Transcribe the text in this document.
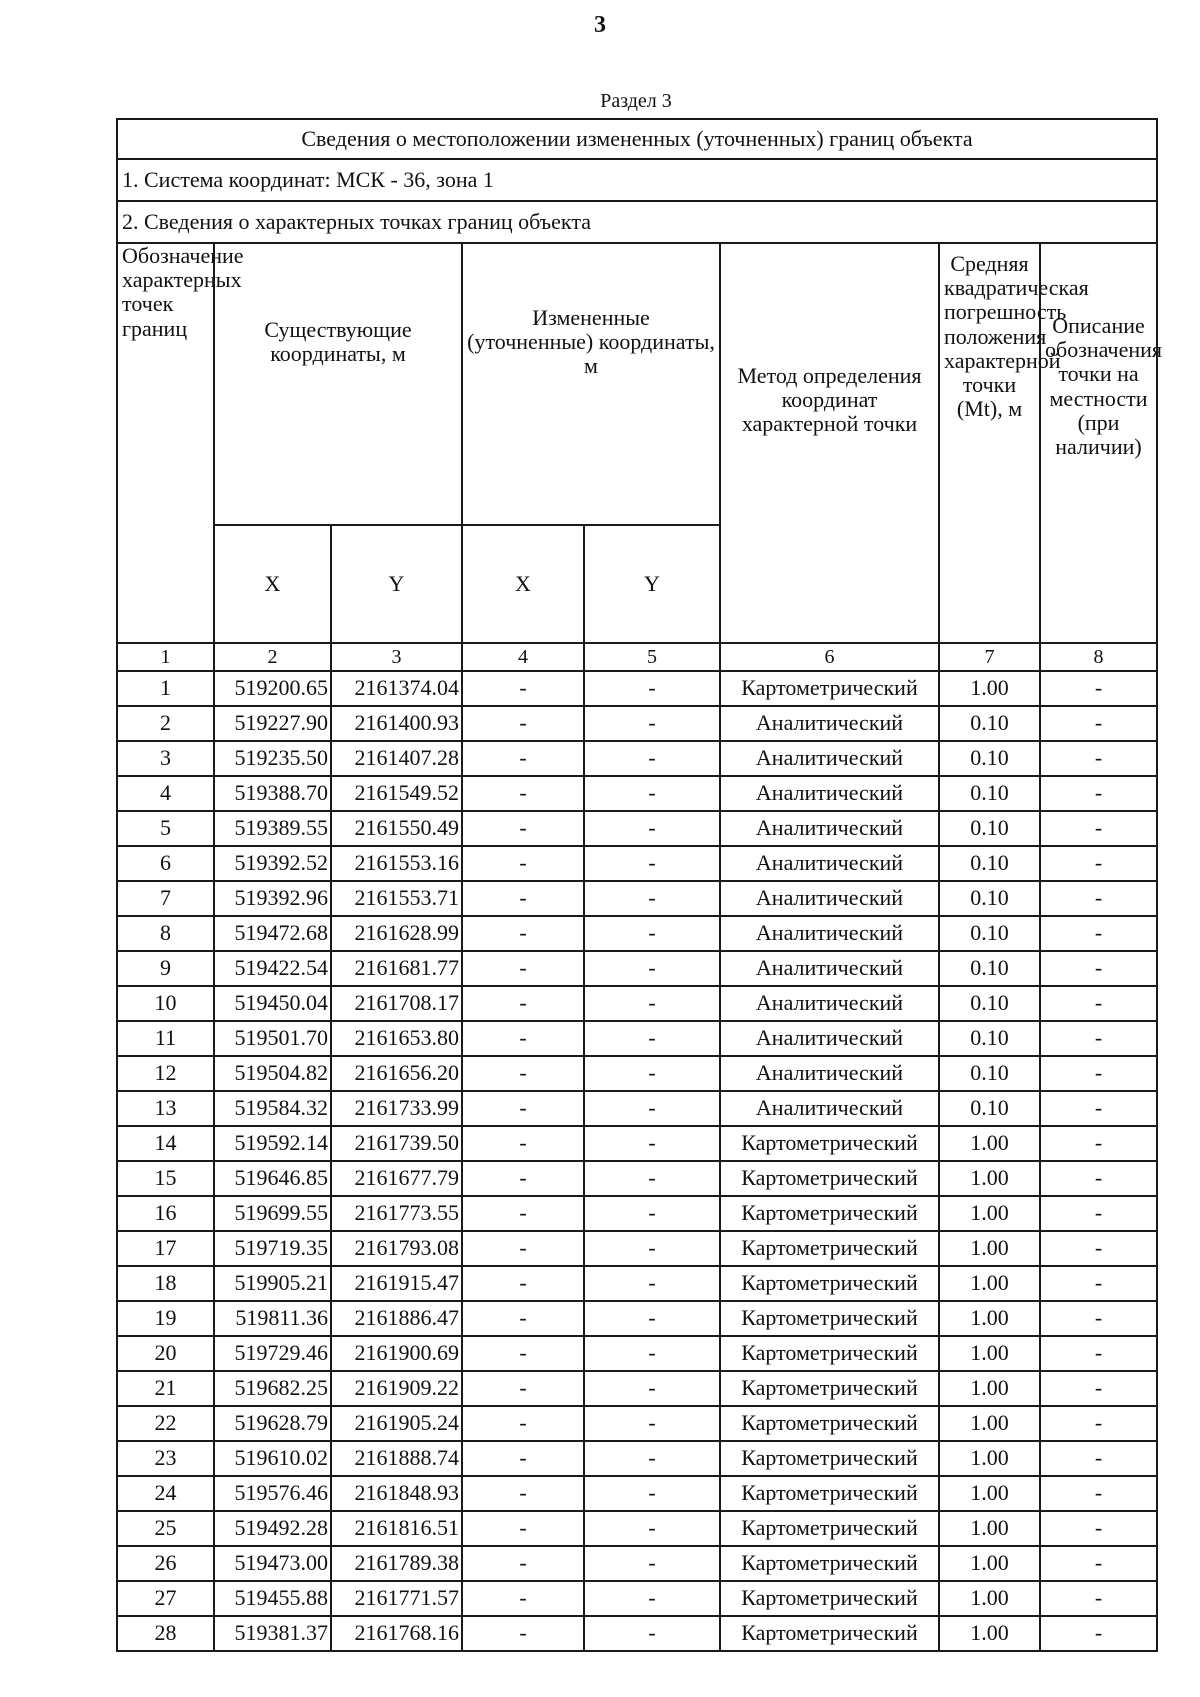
3
Раздел 3
Сведения о местоположении измененных (уточненных) границ объекта							
1. Система координат: МСК - 36, зона 1							
2. Сведения о характерных точках границ объекта							
Обозначение характерных точек границ	Существующие координаты, м		Измененные (уточненные) координаты, м		Метод определения координат характерной точки	Средняя квадратическая погрешность положения характерной точки (Mt), м	Описание обозначения точки на местности (при наличии)
	X	Y	X	Y			
1	2	3	4	5	6	7	8
1	519200.65	2161374.04	-	-	Картометрический	1.00	-
2	519227.90	2161400.93	-	-	Аналитический	0.10	-
3	519235.50	2161407.28	-	-	Аналитический	0.10	-
4	519388.70	2161549.52	-	-	Аналитический	0.10	-
5	519389.55	2161550.49	-	-	Аналитический	0.10	-
6	519392.52	2161553.16	-	-	Аналитический	0.10	-
7	519392.96	2161553.71	-	-	Аналитический	0.10	-
8	519472.68	2161628.99	-	-	Аналитический	0.10	-
9	519422.54	2161681.77	-	-	Аналитический	0.10	-
10	519450.04	2161708.17	-	-	Аналитический	0.10	-
11	519501.70	2161653.80	-	-	Аналитический	0.10	-
12	519504.82	2161656.20	-	-	Аналитический	0.10	-
13	519584.32	2161733.99	-	-	Аналитический	0.10	-
14	519592.14	2161739.50	-	-	Картометрический	1.00	-
15	519646.85	2161677.79	-	-	Картометрический	1.00	-
16	519699.55	2161773.55	-	-	Картометрический	1.00	-
17	519719.35	2161793.08	-	-	Картометрический	1.00	-
18	519905.21	2161915.47	-	-	Картометрический	1.00	-
19	519811.36	2161886.47	-	-	Картометрический	1.00	-
20	519729.46	2161900.69	-	-	Картометрический	1.00	-
21	519682.25	2161909.22	-	-	Картометрический	1.00	-
22	519628.79	2161905.24	-	-	Картометрический	1.00	-
23	519610.02	2161888.74	-	-	Картометрический	1.00	-
24	519576.46	2161848.93	-	-	Картометрический	1.00	-
25	519492.28	2161816.51	-	-	Картометрический	1.00	-
26	519473.00	2161789.38	-	-	Картометрический	1.00	-
27	519455.88	2161771.57	-	-	Картометрический	1.00	-
28	519381.37	2161768.16	-	-	Картометрический	1.00	-
